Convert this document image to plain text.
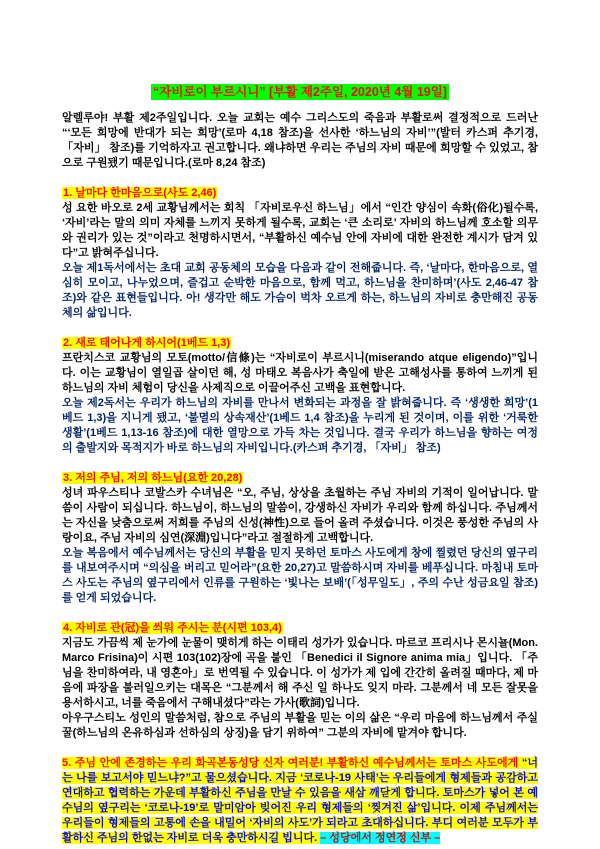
“자비로이 부르시니” [부활 제2주일, 2020년 4월 19일]

알렐루야! 부활 제2주일입니다. 오늘 교회는 예수 그리스도의 죽음과 부활로써 결정적으로 드러난 “‘모든 희망에 반대가 되는 희망’(로마 4,18 참조)을 선사한 ‘하느님의 자비’”(발터 카스퍼 추기경, 「자비」 참조)를 기억하자고 권고합니다. 왜냐하면 우리는 주님의 자비 때문에 희망할 수 있었고, 참으로 구원됐기 때문입니다.(로마 8,24 참조)

1. 날마다 한마음으로(사도 2,46)

성 요한 바오로 2세 교황님께서는 회칙 「자비로우신 하느님」에서 “인간 양심이 속화(俗化)될수록, ‘자비’라는 말의 의미 자체를 느끼지 못하게 될수록, 교회는 ‘큰 소리로’ 자비의 하느님께 호소할 의무와 권리가 있는 것”이라고 천명하시면서, “부활하신 예수님 안에 자비에 대한 완전한 계시가 담겨 있다”고 밝혀주십니다.

오늘 제1독서에서는 초대 교회 공동체의 모습을 다음과 같이 전해줍니다. 즉, ‘날마다, 한마음으로, 열심히 모이고, 나누었으며, 즐겁고 순박한 마음으로, 함께 먹고, 하느님을 찬미하며’(사도 2,46-47 참조)와 같은 표현들입니다. 아! 생각만 해도 가슴이 벅차 오르게 하는, 하느님의 자비로 충만해진 공동체의 삶입니다.

2. 새로 태어나게 하시어(1베드 1,3)

프란치스코 교황님의 모토(motto/信條)는 “자비로이 부르시니(miserando atque eligendo)”입니다. 이는 교황님이 열일곱 살이던 해, 성 마태오 복음사가 축일에 받은 고해성사를 통하여 느끼게 된 하느님의 자비 체험이 당신을 사제직으로 이끌어주신 고백을 표현합니다.

오늘 제2독서는 우리가 하느님의 자비를 만나서 변화되는 과정을 잘 밝혀줍니다. 즉 ‘생생한 희망’(1베드 1,3)을 지니게 됐고, ‘불멸의 상속재산’(1베드 1,4 참조)을 누리게 된 것이며, 이를 위한 ‘거룩한 생활’(1베드 1,13-16 참조)에 대한 열망으로 가득 차는 것입니다. 결국 우리가 하느님을 향하는 여정의 출발지와 목적지가 바로 하느님의 자비입니다.(카스퍼 추기경, 「자비」 참조)

3. 저의 주님, 저의 하느님(요한 20,28)

성녀 파우스티나 코발스카 수녀님은 “오, 주님, 상상을 초월하는 주님 자비의 기적이 일어납니다. 말씀이 사람이 되십니다. 하느님이, 하느님의 말씀이, 강생하신 자비가 우리와 함께 하십니다. 주님께서는 자신을 낮춤으로써 저희를 주님의 신성(神性)으로 들어 올려 주셨습니다. 이것은 풍성한 주님의 사랑이요, 주님 자비의 심연(深淵)입니다”라고 절절하게 고백합니다.

오늘 복음에서 예수님께서는 당신의 부활을 믿지 못하던 토마스 사도에게 창에 찔렸던 당신의 옆구리를 내보여주시며 “의심을 버리고 믿어라”(요한 20,27)고 말씀하시며 자비를 베푸십니다. 마침내 토마스 사도는 주님의 옆구리에서 인류를 구원하는 ‘빛나는 보배’(「성무일도」, 주의 수난 성금요일 참조)를 얻게 되었습니다.

4. 자비로 관(冠)을 씌워 주시는 분(시편 103,4)

지금도 가끔씩 제 눈가에 눈물이 맺히게 하는 이태리 성가가 있습니다. 마르코 프리시나 몬시뇰(Mon. Marco Frisina)이 시편 103(102)장에 곡을 붙인 「Benedici il Signore anima mia」입니다. 「주님을 찬미하여라, 내 영혼아」로 번역될 수 있습니다. 이 성가가 제 입에 간간히 올려질 때마다, 제 마음에 파장을 불러일으키는 대목은 “그분께서 해 주신 일 하나도 잊지 마라. 그분께서 네 모든 잘못을 용서하시고, 너를 죽음에서 구해내셨다”라는 가사(歌詞)입니다.

아우구스티노 성인의 말씀처럼, 참으로 주님의 부활을 믿는 이의 삶은 “우리 마음에 하느님께서 주실 꿀(하느님의 온유하심과 선하심의 상징)을 담기 위하여” 그분의 자비에 맡겨야 합니다.

5. 주님 안에 존경하는 우리 화곡본동성당 신자 여러분! 부활하신 예수님께서는 토마스 사도에게 “너는 나를 보고서야 믿느냐?”고 물으셨습니다. 지금 ‘코로나-19 사태’는 우리들에게 형제들과 공감하고 연대하고 협력하는 가운데 부활하신 주님을 만날 수 있음을 새삼 깨닫게 합니다. 토마스가 넣어 본 예수님의 옆구리는 ‘코로나-19’로 말미암아 빚어진 우리 형제들의 ‘찢겨진 삶’입니다. 이제 주님께서는 우리들이 형제들의 고통에 손을 내밀어 ‘자비의 사도’가 되라고 초대하십니다. 부디 여러분 모두가 부활하신 주님의 한없는 자비로 더욱 충만하시길 빕니다. – 성당에서 정연정 신부 –
